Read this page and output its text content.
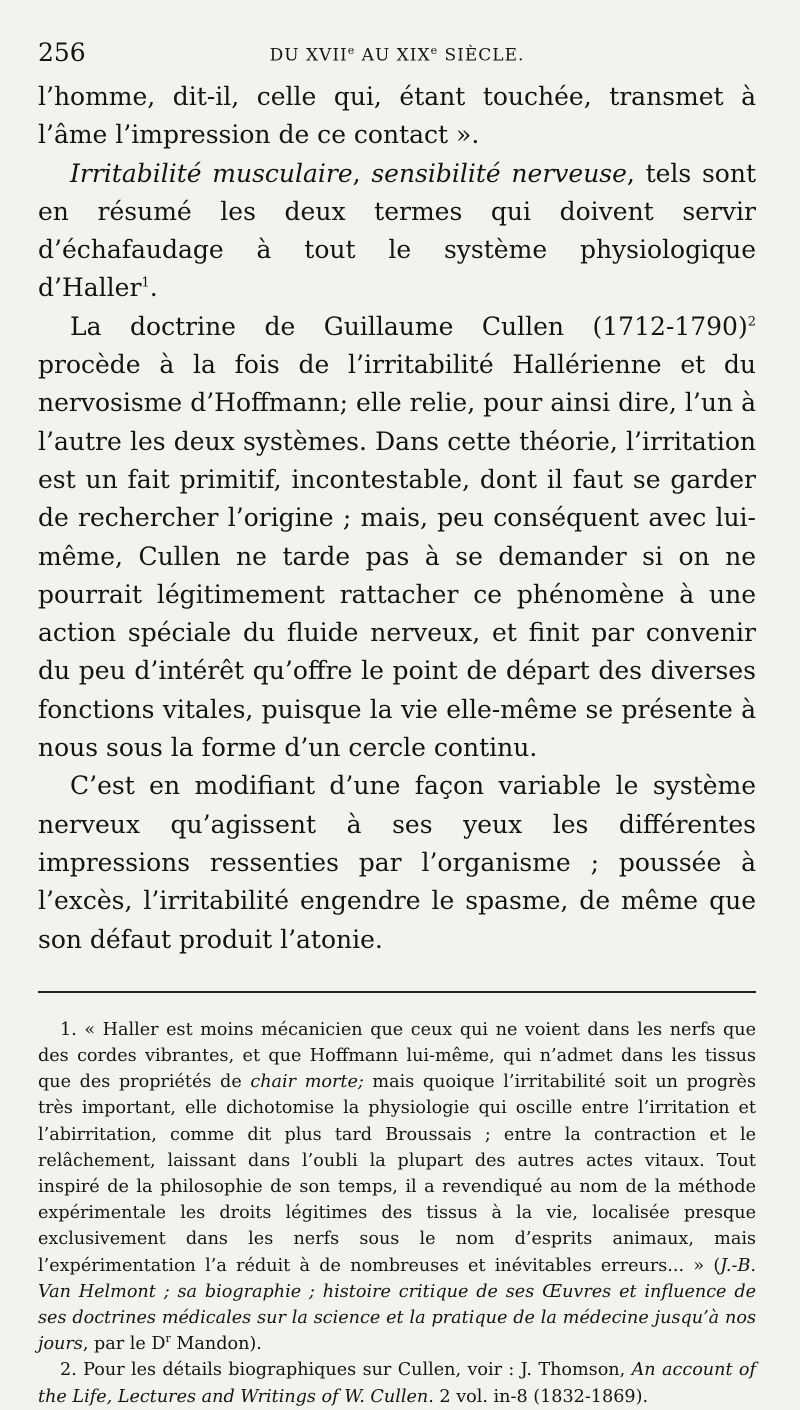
256	DU XVIIe AU XIXe SIÈCLE.

l’homme, dit-il, celle qui, étant touchée, transmet à l’âme l’impression de ce contact ».

Irritabilité musculaire, sensibilité nerveuse, tels sont en résumé les deux termes qui doivent servir d’échafaudage à tout le système physiologique d’Haller$^1$.

La doctrine de Guillaume Cullen (1712-1790)$^2$ procède à la fois de l’irritabilité Hallérienne et du nervosisme d’Hoffmann; elle relie, pour ainsi dire, l’un à l’autre les deux systèmes. Dans cette théorie, l’irritation est un fait primitif, incontestable, dont il faut se garder de rechercher l’origine ; mais, peu conséquent avec lui-même, Cullen ne tarde pas à se demander si on ne pourrait légitimement rattacher ce phénomène à une action spéciale du fluide nerveux, et finit par convenir du peu d’intérêt qu’offre le point de départ des diverses fonctions vitales, puisque la vie elle-même se présente à nous sous la forme d’un cercle continu.

C’est en modifiant d’une façon variable le système nerveux qu’agissent à ses yeux les différentes impressions ressenties par l’organisme ; poussée à l’excès, l’irritabilité engendre le spasme, de même que son défaut produit l’atonie.

1. « Haller est moins mécanicien que ceux qui ne voient dans les nerfs que des cordes vibrantes, et que Hoffmann lui-même, qui n’admet dans les tissus que des propriétés de chair morte; mais quoique l’irritabilité soit un progrès très important, elle dichotomise la physiologie qui oscille entre l’irritation et l’abirritation, comme dit plus tard Broussais ; entre la contraction et le relâchement, laissant dans l’oubli la plupart des autres actes vitaux. Tout inspiré de la philosophie de son temps, il a revendiqué au nom de la méthode expérimentale les droits légitimes des tissus à la vie, localisée presque exclusivement dans les nerfs sous le nom d’esprits animaux, mais l’expérimentation l’a réduit à de nombreuses et inévitables erreurs... » (J.-B. Van Helmont ; sa biographie ; histoire critique de ses Œuvres et influence de ses doctrines médicales sur la science et la pratique de la médecine jusqu’à nos jours, par le $D^r$ Mandon).

2. Pour les détails biographiques sur Cullen, voir : J. Thomson, An account of the Life, Lectures and Writings of W. Cullen. 2 vol. in-8 (1832-1869).
